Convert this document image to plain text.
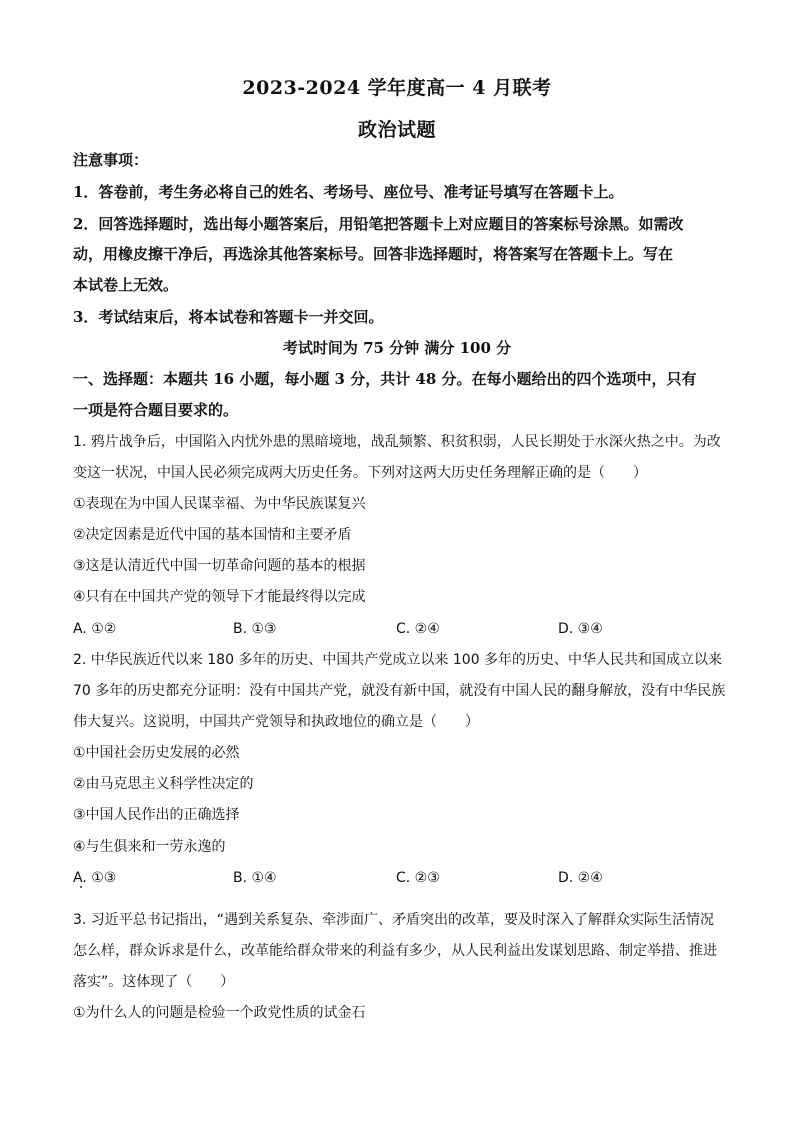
2023-2024 学年度高一 4 月联考
政治试题
注意事项：
1．答卷前，考生务必将自己的姓名、考场号、座位号、准考证号填写在答题卡上。
2．回答选择题时，选出每小题答案后，用铅笔把答题卡上对应题目的答案标号涂黑。如需改
动，用橡皮擦干净后，再选涂其他答案标号。回答非选择题时，将答案写在答题卡上。写在
本试卷上无效。
3．考试结束后，将本试卷和答题卡一并交回。
考试时间为 75 分钟 满分 100 分
一、选择题：本题共 16 小题，每小题 3 分，共计 48 分。在每小题给出的四个选项中，只有
一项是符合题目要求的。
1. 鸦片战争后，中国陷入内忧外患的黑暗境地，战乱频繁、积贫积弱，人民长期处于水深火热之中。为改
变这一状况，中国人民必须完成两大历史任务。下列对这两大历史任务理解正确的是（　　）
①表现在为中国人民谋幸福、为中华民族谋复兴
②决定因素是近代中国的基本国情和主要矛盾
③这是认清近代中国一切革命问题的基本的根据
④只有在中国共产党的领导下才能最终得以完成
A. ①②	B. ①③	C. ②④	D. ③④
2. 中华民族近代以来 180 多年的历史、中国共产党成立以来 100 多年的历史、中华人民共和国成立以来
70 多年的历史都充分证明：没有中国共产党，就没有新中国，就没有中国人民的翻身解放，没有中华民族
伟大复兴。这说明，中国共产党领导和执政地位的确立是（　　）
①中国社会历史发展的必然
②由马克思主义科学性决定的
③中国人民作出的正确选择
④与生俱来和一劳永逸的
A. ①③	B. ①④	C. ②③	D. ②④
3. 习近平总书记指出，“遇到关系复杂、牵涉面广、矛盾突出的改革，要及时深入了解群众实际生活情况
怎么样，群众诉求是什么，改革能给群众带来的利益有多少，从人民利益出发谋划思路、制定举措、推进
落实”。这体现了（　　）
①为什么人的问题是检验一个政党性质的试金石
